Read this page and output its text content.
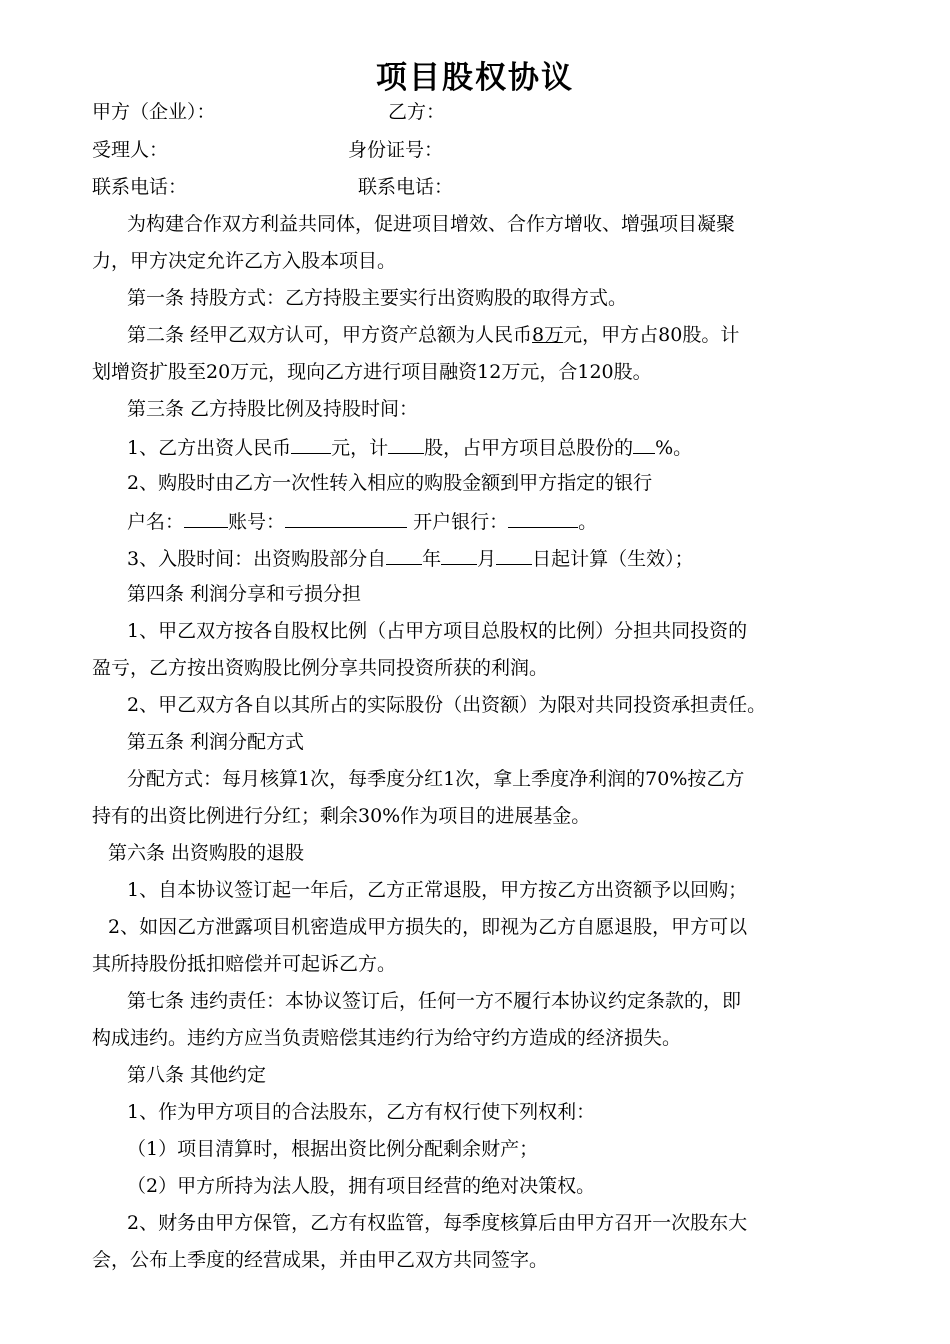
项目股权协议
甲方（企业）：	乙方：
受理人：	身份证号：
联系电话：	联系电话：
为构建合作双方利益共同体，促进项目增效、合作方增收、增强项目凝聚
力，甲方决定允许乙方入股本项目。
第一条 持股方式：乙方持股主要实行出资购股的取得方式。
第二条 经甲乙双方认可，甲方资产总额为人民币8万元，甲方占80股。计
划增资扩股至20万元，现向乙方进行项目融资12万元，合120股。
第三条 乙方持股比例及持股时间：
1、乙方出资人民币 元，计 股，占甲方项目总股份的 %。
2、购股时由乙方一次性转入相应的购股金额到甲方指定的银行
户名： 账号：	开户银行：	。
3、入股时间：出资购股部分自 年 月 日起计算（生效）；
第四条 利润分享和亏损分担
1、甲乙双方按各自股权比例（占甲方项目总股权的比例）分担共同投资的
盈亏，乙方按出资购股比例分享共同投资所获的利润。
2、甲乙双方各自以其所占的实际股份（出资额）为限对共同投资承担责任。
第五条 利润分配方式
分配方式：每月核算1次，每季度分红1次，拿上季度净利润的70%按乙方
持有的出资比例进行分红；剩余30%作为项目的进展基金。
第六条 出资购股的退股
1、自本协议签订起一年后，乙方正常退股，甲方按乙方出资额予以回购；
2、如因乙方泄露项目机密造成甲方损失的，即视为乙方自愿退股，甲方可以
其所持股份抵扣赔偿并可起诉乙方。
第七条 违约责任：本协议签订后，任何一方不履行本协议约定条款的，即
构成违约。违约方应当负责赔偿其违约行为给守约方造成的经济损失。
第八条 其他约定
1、作为甲方项目的合法股东，乙方有权行使下列权利：
（1）项目清算时，根据出资比例分配剩余财产；
（2）甲方所持为法人股，拥有项目经营的绝对决策权。
2、财务由甲方保管，乙方有权监管，每季度核算后由甲方召开一次股东大
会，公布上季度的经营成果，并由甲乙双方共同签字。
